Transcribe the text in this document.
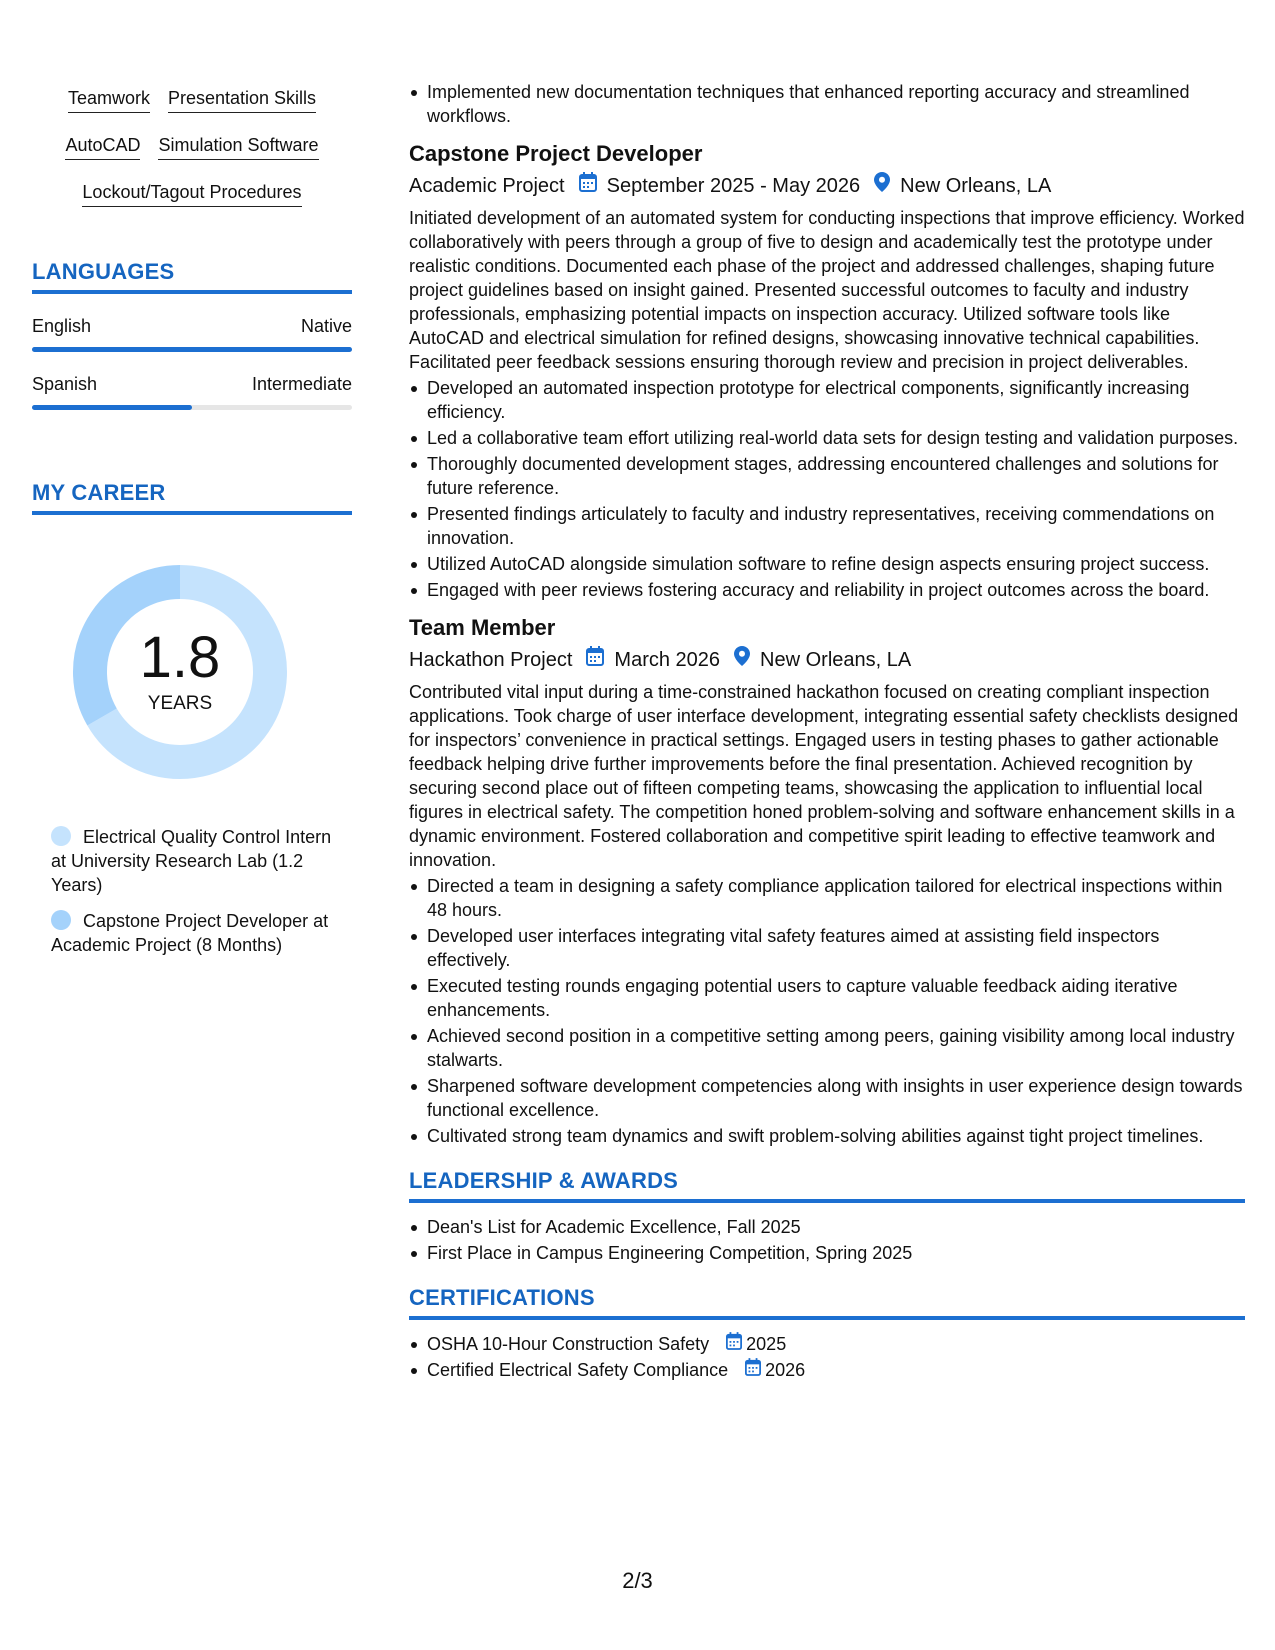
Teamwork Presentation Skills
AutoCAD Simulation Software
Lockout/Tagout Procedures
LANGUAGES
English	Native
Spanish	Intermediate
MY CAREER
1.8
YEARS
Electrical Quality Control Intern at University Research Lab (1.2 Years)
Capstone Project Developer at Academic Project (8 Months)
Implemented new documentation techniques that enhanced reporting accuracy and streamlined workflows.
Capstone Project Developer
Academic Project September 2025 - May 2026 New Orleans, LA
Initiated development of an automated system for conducting inspections that improve efficiency. Worked collaboratively with peers through a group of five to design and academically test the prototype under realistic conditions. Documented each phase of the project and addressed challenges, shaping future project guidelines based on insight gained. Presented successful outcomes to faculty and industry professionals, emphasizing potential impacts on inspection accuracy. Utilized software tools like AutoCAD and electrical simulation for refined designs, showcasing innovative technical capabilities. Facilitated peer feedback sessions ensuring thorough review and precision in project deliverables.
Developed an automated inspection prototype for electrical components, significantly increasing efficiency.
Led a collaborative team effort utilizing real-world data sets for design testing and validation purposes.
Thoroughly documented development stages, addressing encountered challenges and solutions for future reference.
Presented findings articulately to faculty and industry representatives, receiving commendations on innovation.
Utilized AutoCAD alongside simulation software to refine design aspects ensuring project success.
Engaged with peer reviews fostering accuracy and reliability in project outcomes across the board.
Team Member
Hackathon Project March 2026 New Orleans, LA
Contributed vital input during a time-constrained hackathon focused on creating compliant inspection applications. Took charge of user interface development, integrating essential safety checklists designed for inspectors’ convenience in practical settings. Engaged users in testing phases to gather actionable feedback helping drive further improvements before the final presentation. Achieved recognition by securing second place out of fifteen competing teams, showcasing the application to influential local figures in electrical safety. The competition honed problem-solving and software enhancement skills in a dynamic environment. Fostered collaboration and competitive spirit leading to effective teamwork and innovation.
Directed a team in designing a safety compliance application tailored for electrical inspections within 48 hours.
Developed user interfaces integrating vital safety features aimed at assisting field inspectors effectively.
Executed testing rounds engaging potential users to capture valuable feedback aiding iterative enhancements.
Achieved second position in a competitive setting among peers, gaining visibility among local industry stalwarts.
Sharpened software development competencies along with insights in user experience design towards functional excellence.
Cultivated strong team dynamics and swift problem-solving abilities against tight project timelines.
LEADERSHIP & AWARDS
Dean's List for Academic Excellence, Fall 2025
First Place in Campus Engineering Competition, Spring 2025
CERTIFICATIONS
OSHA 10-Hour Construction Safety 2025
Certified Electrical Safety Compliance 2026
2/3
